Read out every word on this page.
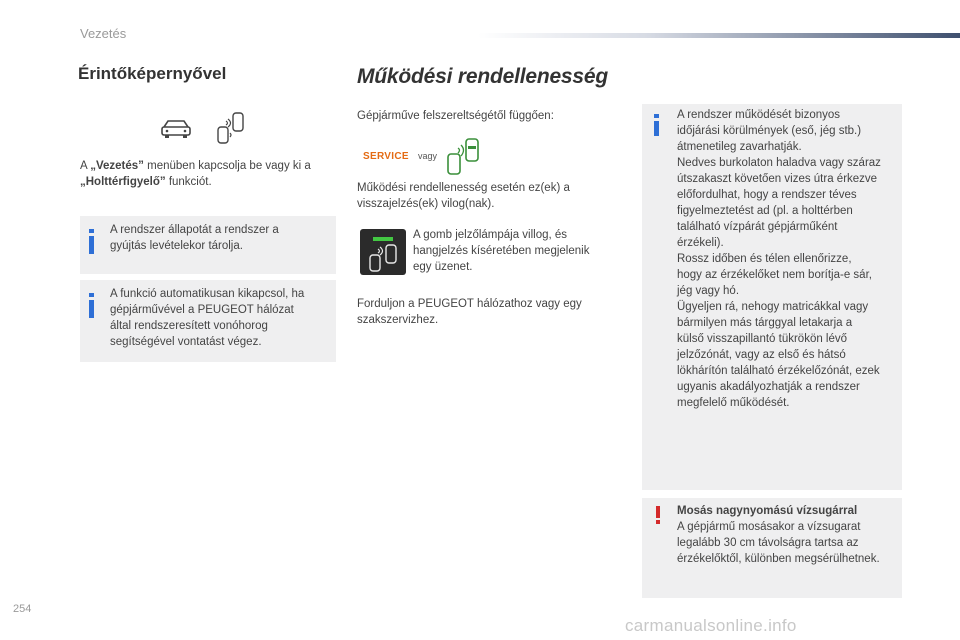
Vezetés
Érintőképernyővel
A „Vezetés” menüben kapcsolja be vagy ki a
„Holttérfigyelő” funkciót.
A rendszer állapotát a rendszer a
gyújtás levételekor tárolja.
A funkció automatikusan kikapcsol, ha
gépjárművével a PEUGEOT hálózat
által rendszeresített vonóhorog
segítségével vontatást végez.
Működési rendellenesség
Gépjárműve felszereltségétől függően:
SERVICE vagy
Működési rendellenesség esetén ez(ek) a
visszajelzés(ek) vilog(nak).
A gomb jelzőlámpája villog, és
hangjelzés kíséretében megjelenik
egy üzenet.
Forduljon a PEUGEOT hálózathoz vagy egy
szakszervizhez.
A rendszer működését bizonyos
időjárási körülmények (eső, jég stb.)
átmenetileg zavarhatják.
Nedves burkolaton haladva vagy száraz
útszakaszt követően vizes útra érkezve
előfordulhat, hogy a rendszer téves
figyelmeztetést ad (pl. a holttérben
található vízpárát gépjárműként
érzékeli).
Rossz időben és télen ellenőrizze,
hogy az érzékelőket nem borítja-e sár,
jég vagy hó.
Ügyeljen rá, nehogy matricákkal vagy
bármilyen más tárggyal letakarja a
külső visszapillantó tükrökön lévő
jelzőzónát, vagy az első és hátsó
lökhárítón található érzékelőzónát, ezek
ugyanis akadályozhatják a rendszer
megfelelő működését.
Mosás nagynyomású vízsugárral
A gépjármű mosásakor a vízsugarat
legalább 30 cm távolságra tartsa az
érzékelőktől, különben megsérülhetnek.
254
carmanualsonline.info
